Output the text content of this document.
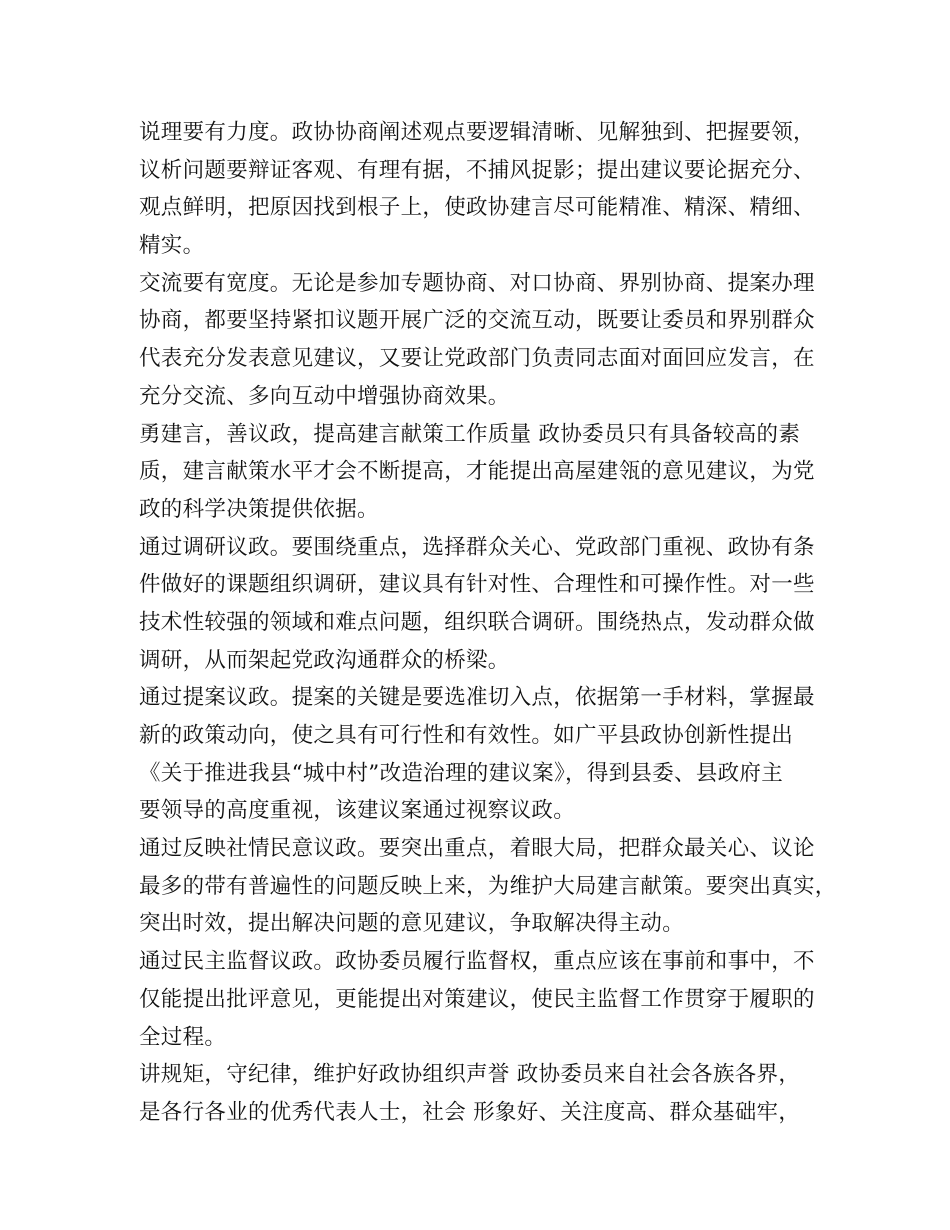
说理要有力度。政协协商阐述观点要逻辑清晰、见解独到、把握要领，
议析问题要辩证客观、有理有据，不捕风捉影；提出建议要论据充分、
观点鲜明，把原因找到根子上，使政协建言尽可能精准、精深、精细、
精实。
交流要有宽度。无论是参加专题协商、对口协商、界别协商、提案办理
协商，都要坚持紧扣议题开展广泛的交流互动，既要让委员和界别群众
代表充分发表意见建议，又要让党政部门负责同志面对面回应发言，在
充分交流、多向互动中增强协商效果。
勇建言，善议政，提高建言献策工作质量 政协委员只有具备较高的素
质，建言献策水平才会不断提高，才能提出高屋建瓴的意见建议，为党
政的科学决策提供依据。
通过调研议政。要围绕重点，选择群众关心、党政部门重视、政协有条
件做好的课题组织调研，建议具有针对性、合理性和可操作性。对一些
技术性较强的领域和难点问题，组织联合调研。围绕热点，发动群众做
调研，从而架起党政沟通群众的桥梁。
通过提案议政。提案的关键是要选准切入点，依据第一手材料，掌握最
新的政策动向，使之具有可行性和有效性。如广平县政协创新性提出
《关于推进我县“城中村”改造治理的建议案》，得到县委、县政府主
要领导的高度重视，该建议案通过视察议政。
通过反映社情民意议政。要突出重点，着眼大局，把群众最关心、议论
最多的带有普遍性的问题反映上来，为维护大局建言献策。要突出真实，
突出时效，提出解决问题的意见建议，争取解决得主动。
通过民主监督议政。政协委员履行监督权，重点应该在事前和事中，不
仅能提出批评意见，更能提出对策建议，使民主监督工作贯穿于履职的
全过程。
讲规矩，守纪律，维护好政协组织声誉 政协委员来自社会各族各界，
是各行各业的优秀代表人士，社会 形象好、关注度高、群众基础牢，
